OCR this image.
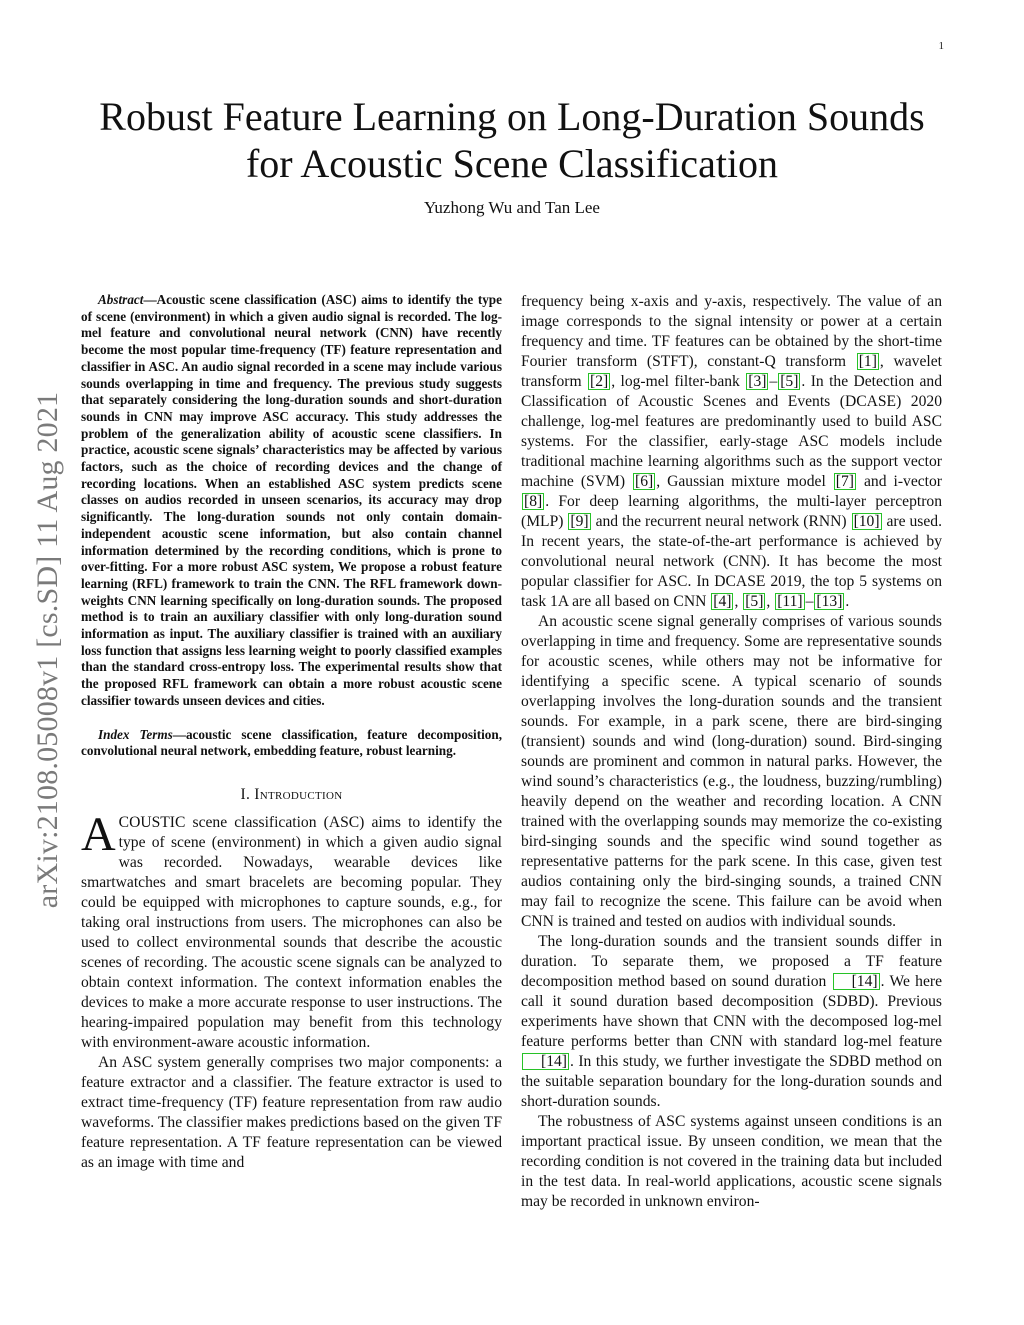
1
arXiv:2108.05008v1 [cs.SD] 11 Aug 2021
Robust Feature Learning on Long-Duration Sounds
for Acoustic Scene Classification
Yuzhong Wu and Tan Lee

Abstract—Acoustic scene classification (ASC) aims to identify the type of scene (environment) in which a given audio signal is recorded. The log-mel feature and convolutional neural network (CNN) have recently become the most popular time-frequency (TF) feature representation and classifier in ASC. An audio signal recorded in a scene may include various sounds overlapping in time and frequency. The previous study suggests that separately considering the long-duration sounds and short-duration sounds in CNN may improve ASC accuracy. This study addresses the problem of the generalization ability of acoustic scene classifiers. In practice, acoustic scene signals’ characteristics may be affected by various factors, such as the choice of recording devices and the change of recording locations. When an established ASC system predicts scene classes on audios recorded in unseen scenarios, its accuracy may drop significantly. The long-duration sounds not only contain domain-independent acoustic scene information, but also contain channel information determined by the recording conditions, which is prone to over-fitting. For a more robust ASC system, We propose a robust feature learning (RFL) framework to train the CNN. The RFL framework down-weights CNN learning specifically on long-duration sounds. The proposed method is to train an auxiliary classifier with only long-duration sound information as input. The auxiliary classifier is trained with an auxiliary loss function that assigns less learning weight to poorly classified examples than the standard cross-entropy loss. The experimental results show that the proposed RFL framework can obtain a more robust acoustic scene classifier towards unseen devices and cities.

Index Terms—acoustic scene classification, feature decomposition, convolutional neural network, embedding feature, robust learning.

I. Introduction

ACOUSTIC scene classification (ASC) aims to identify the type of scene (environment) in which a given audio signal was recorded. Nowadays, wearable devices like smartwatches and smart bracelets are becoming popular. They could be equipped with microphones to capture sounds, e.g., for taking oral instructions from users. The microphones can also be used to collect environmental sounds that describe the acoustic scenes of recording. The acoustic scene signals can be analyzed to obtain context information. The context information enables the devices to make a more accurate response to user instructions. The hearing-impaired population may benefit from this technology with environment-aware acoustic information.

An ASC system generally comprises two major components: a feature extractor and a classifier. The feature extractor is used to extract time-frequency (TF) feature representation from raw audio waveforms. The classifier makes predictions based on the given TF feature representation. A TF feature representation can be viewed as an image with time and

frequency being x-axis and y-axis, respectively. The value of an image corresponds to the signal intensity or power at a certain frequency and time. TF features can be obtained by the short-time Fourier transform (STFT), constant-Q transform [1] , wavelet transform [2] , log-mel filter-bank [3] – [5] . In the Detection and Classification of Acoustic Scenes and Events (DCASE) 2020 challenge, log-mel features are predominantly used to build ASC systems. For the classifier, early-stage ASC models include traditional machine learning algorithms such as the support vector machine (SVM) [6] , Gaussian mixture model [7] and i-vector [8] . For deep learning algorithms, the multi-layer perceptron (MLP) [9] and the recurrent neural network (RNN) [10] are used. In recent years, the state-of-the-art performance is achieved by convolutional neural network (CNN). It has become the most popular classifier for ASC. In DCASE 2019, the top 5 systems on task 1A are all based on CNN [4] , [5] , [11] – [13] .

An acoustic scene signal generally comprises of various sounds overlapping in time and frequency. Some are representative sounds for acoustic scenes, while others may not be informative for identifying a specific scene. A typical scenario of sounds overlapping involves the long-duration sounds and the transient sounds. For example, in a park scene, there are bird-singing (transient) sounds and wind (long-duration) sound. Bird-singing sounds are prominent and common in natural parks. However, the wind sound’s characteristics (e.g., the loudness, buzzing/rumbling) heavily depend on the weather and recording location. A CNN trained with the overlapping sounds may memorize the co-existing bird-singing sounds and the specific wind sound together as representative patterns for the park scene. In this case, given test audios containing only the bird-singing sounds, a trained CNN may fail to recognize the scene. This failure can be avoid when CNN is trained and tested on audios with individual sounds.

The long-duration sounds and the transient sounds differ in duration. To separate them, we proposed a TF feature decomposition method based on sound duration [14] . We here call it sound duration based decomposition (SDBD). Previous experiments have shown that CNN with the decomposed log-mel feature performs better than CNN with standard log-mel feature [14] . In this study, we further investigate the SDBD method on the suitable separation boundary for the long-duration sounds and short-duration sounds.

The robustness of ASC systems against unseen conditions is an important practical issue. By unseen condition, we mean that the recording condition is not covered in the training data but included in the test data. In real-world applications, acoustic scene signals may be recorded in unknown environ-
